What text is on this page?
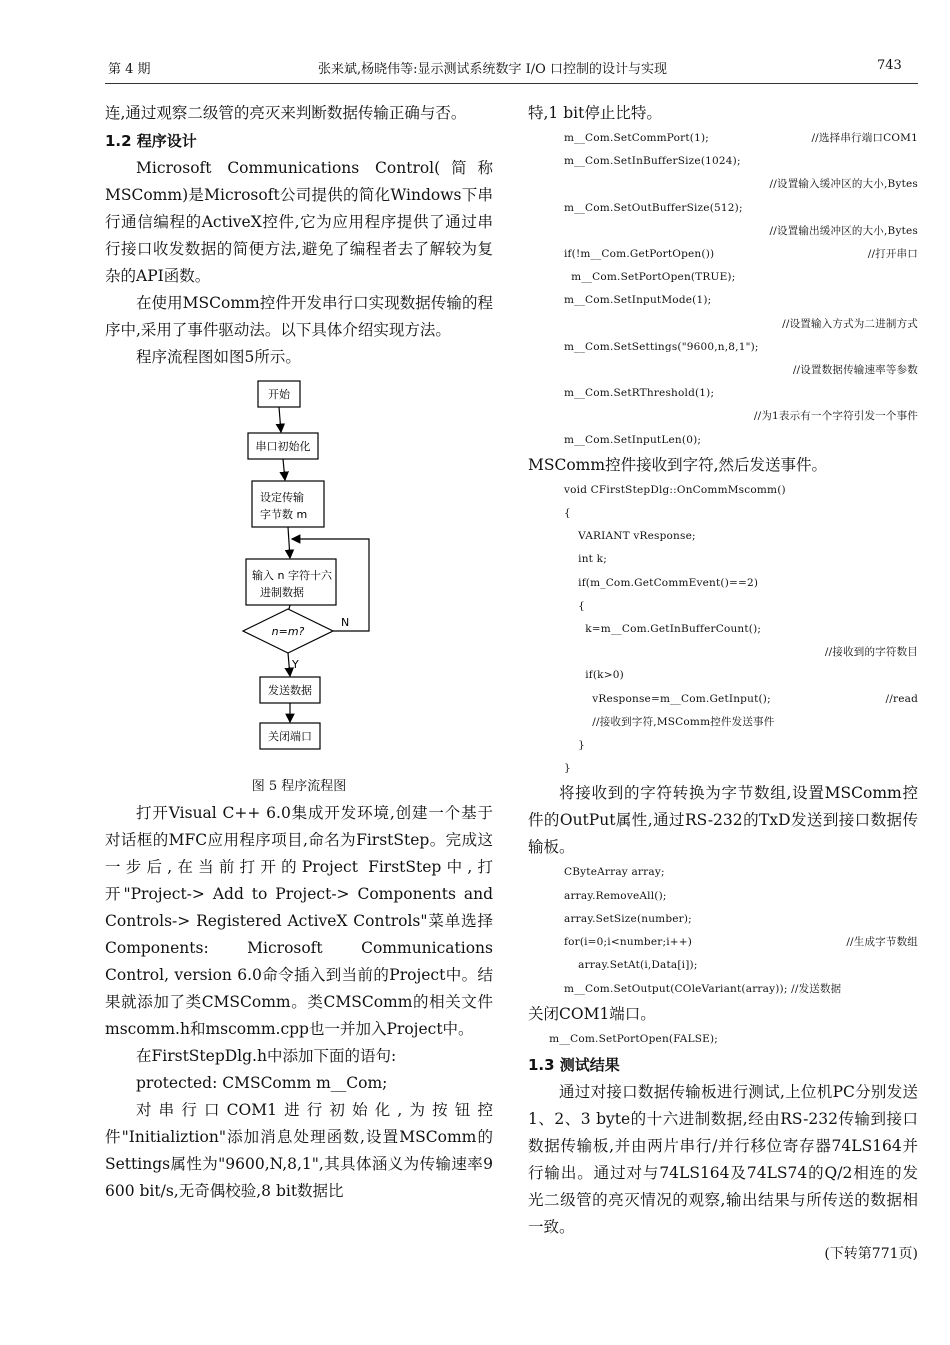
第 4 期	张来斌,杨晓伟等:显示测试系统数字 I/O 口控制的设计与实现	743

连,通过观察二级管的亮灭来判断数据传输正确与否。

1.2 程序设计

Microsoft Communications Control(简称MSComm)是Microsoft公司提供的简化Windows下串行通信编程的ActiveX控件,它为应用程序提供了通过串行接口收发数据的简便方法,避免了编程者去了解较为复杂的API函数。

在使用MSComm控件开发串行口实现数据传输的程序中,采用了事件驱动法。以下具体介绍实现方法。

程序流程图如图5所示。

开始
串口初始化
设定传输
字节数 m
输入 n 字符十六
进制数据
n=m?
N
Y
发送数据
关闭端口
图 5 程序流程图

打开Visual C++ 6.0集成开发环境,创建一个基于对话框的MFC应用程序项目,命名为FirstStep。完成这一步后,在当前打开的Project FirstStep中,打开"Project-> Add to Project-> Components and Controls-> Registered ActiveX Controls"菜单选择Components: Microsoft Communications Control, version 6.0命令插入到当前的Project中。结果就添加了类CMSComm。类CMSComm的相关文件mscomm.h和mscomm.cpp也一并加入Project中。

在FirstStepDlg.h中添加下面的语句:

protected: CMSComm m__Com;

对串行口COM1进行初始化,为按钮控件"Initializtion"添加消息处理函数,设置MSComm的Settings属性为"9600,N,8,1",其具体涵义为传输速率9 600 bit/s,无奇偶校验,8 bit数据比

特,1 bit停止比特。

m__Com.SetCommPort(1);	//选择串行端口COM1

m__Com.SetInBufferSize(1024);

//设置输入缓冲区的大小,Bytes

m__Com.SetOutBufferSize(512);

//设置输出缓冲区的大小,Bytes

if(!m__Com.GetPortOpen())	//打开串口

m__Com.SetPortOpen(TRUE);

m__Com.SetInputMode(1);

//设置输入方式为二进制方式

m__Com.SetSettings("9600,n,8,1");

//设置数据传输速率等参数

m__Com.SetRThreshold(1);

//为1表示有一个字符引发一个事件

m__Com.SetInputLen(0);

MSComm控件接收到字符,然后发送事件。

void CFirstStepDlg::OnCommMscomm()

{

VARIANT vResponse;

int k;

if(m_Com.GetCommEvent()==2)

{

k=m__Com.GetInBufferCount();

//接收到的字符数目

if(k>0)

vResponse=m__Com.GetInput();	//read

//接收到字符,MSComm控件发送事件

}

}

将接收到的字符转换为字节数组,设置MSComm控件的OutPut属性,通过RS-232的TxD发送到接口数据传输板。

CByteArray array;

array.RemoveAll();

array.SetSize(number);

for(i=0;i<number;i++)	//生成字节数组

array.SetAt(i,Data[i]);

m__Com.SetOutput(COleVariant(array)); //发送数据

关闭COM1端口。

m__Com.SetPortOpen(FALSE);

1.3 测试结果

通过对接口数据传输板进行测试,上位机PC分别发送1、2、3 byte的十六进制数据,经由RS-232传输到接口数据传输板,并由两片串行/并行移位寄存器74LS164并行输出。通过对与74LS164及74LS74的Q/2相连的发光二级管的亮灭情况的观察,输出结果与所传送的数据相一致。

(下转第771页)
